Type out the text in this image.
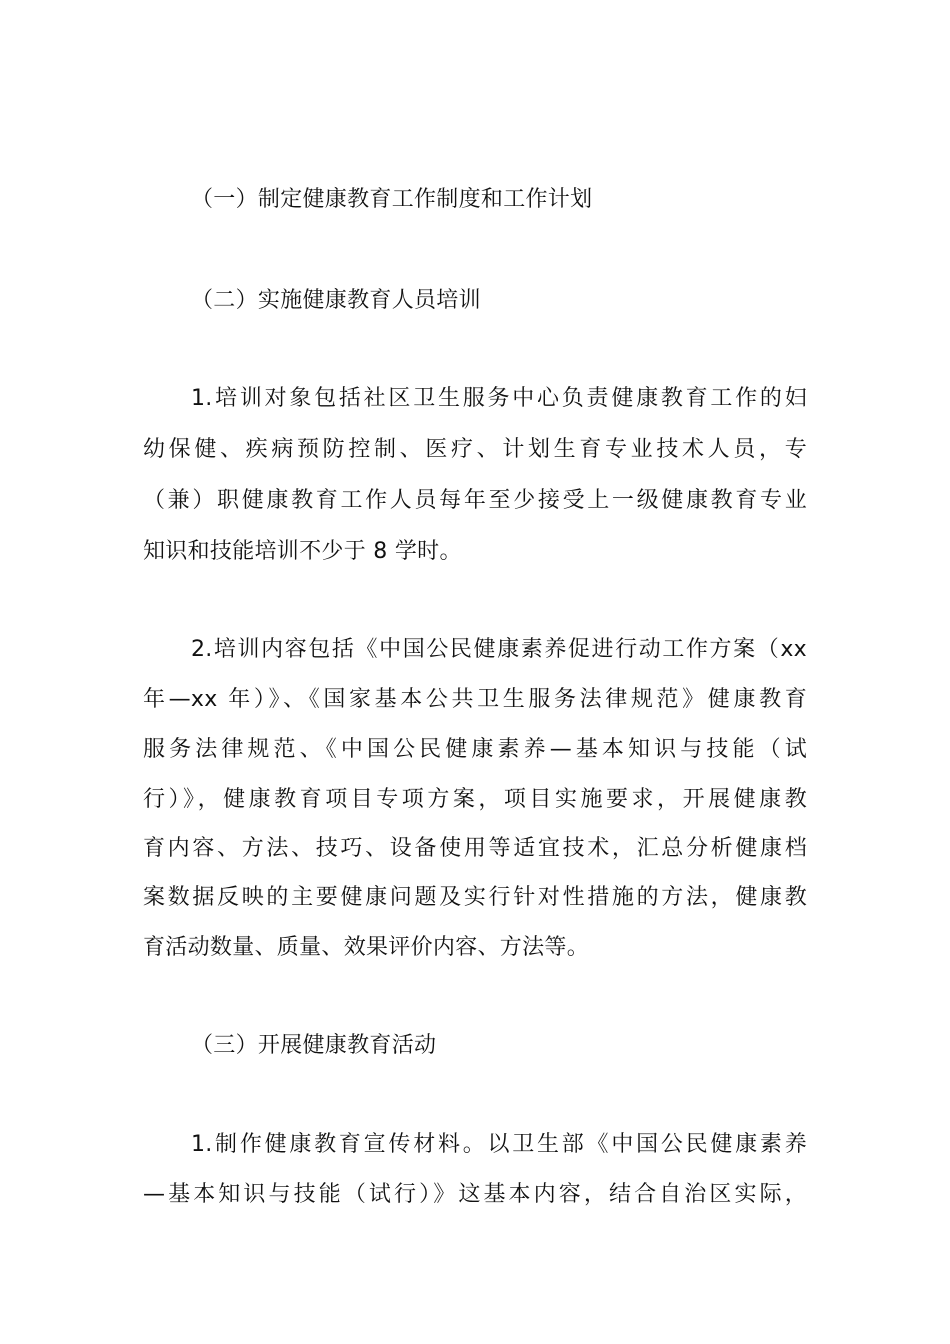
（一）制定健康教育工作制度和工作计划
（二）实施健康教育人员培训
1.培训对象包括社区卫生服务中心负责健康教育工作的妇
幼保健、疾病预防控制、医疗、计划生育专业技术人员，专
（兼）职健康教育工作人员每年至少接受上一级健康教育专业
知识和技能培训不少于 8 学时。
2.培训内容包括《中国公民健康素养促进行动工作方案（xx
年—xx 年）》、《国家基本公共卫生服务法律规范》健康教育
服务法律规范、《中国公民健康素养—基本知识与技能（试
行）》，健康教育项目专项方案，项目实施要求，开展健康教
育内容、方法、技巧、设备使用等适宜技术，汇总分析健康档
案数据反映的主要健康问题及实行针对性措施的方法，健康教
育活动数量、质量、效果评价内容、方法等。
（三）开展健康教育活动
1.制作健康教育宣传材料。以卫生部《中国公民健康素养
—基本知识与技能（试行）》这基本内容，结合自治区实际，
